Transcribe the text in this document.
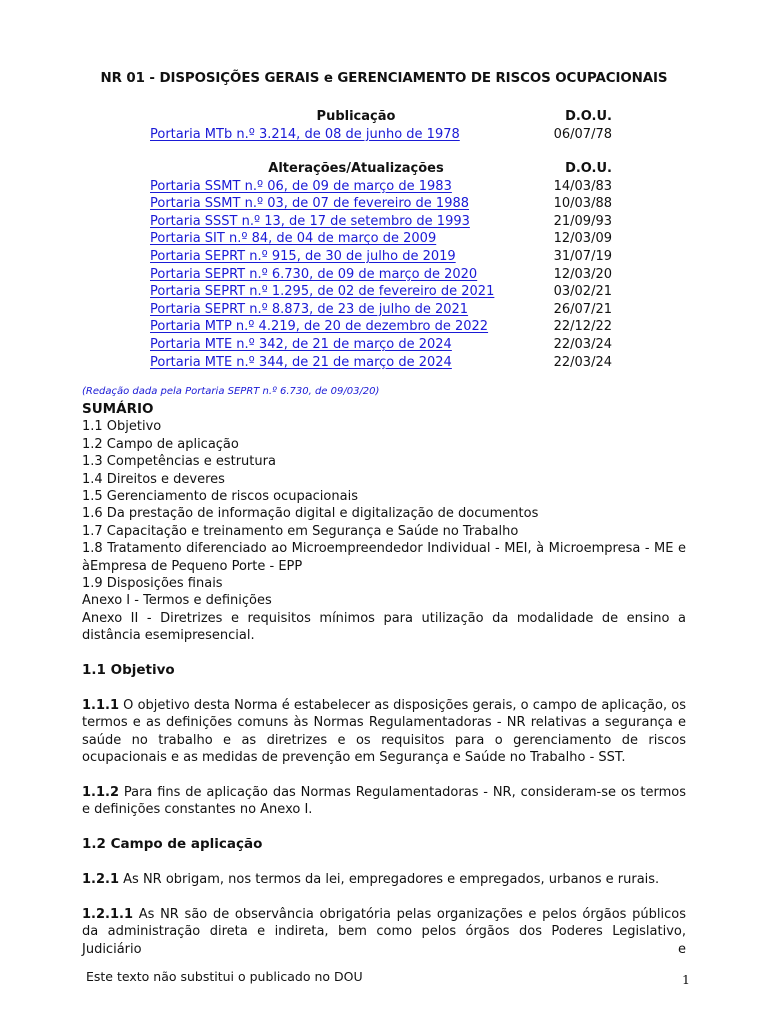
NR 01 - DISPOSIÇÕES GERAIS e GERENCIAMENTO DE RISCOS OCUPACIONAIS
Publicação	D.O.U.
Portaria MTb n.º 3.214, de 08 de junho de 1978	06/07/78
Alterações/Atualizações	D.O.U.
Portaria SSMT n.º 06, de 09 de março de 1983	14/03/83
Portaria SSMT n.º 03, de 07 de fevereiro de 1988	10/03/88
Portaria SSST n.º 13, de 17 de setembro de 1993	21/09/93
Portaria SIT n.º 84, de 04 de março de 2009	12/03/09
Portaria SEPRT n.º 915, de 30 de julho de 2019	31/07/19
Portaria SEPRT n.º 6.730, de 09 de março de 2020	12/03/20
Portaria SEPRT n.º 1.295, de 02 de fevereiro de 2021	03/02/21
Portaria SEPRT n.º 8.873, de 23 de julho de 2021	26/07/21
Portaria MTP n.º 4.219, de 20 de dezembro de 2022	22/12/22
Portaria MTE n.º 342, de 21 de março de 2024	22/03/24
Portaria MTE n.º 344, de 21 de março de 2024	22/03/24
(Redação dada pela Portaria SEPRT n.º 6.730, de 09/03/20)
SUMÁRIO
1.1 Objetivo
1.2 Campo de aplicação
1.3 Competências e estrutura
1.4 Direitos e deveres
1.5 Gerenciamento de riscos ocupacionais
1.6 Da prestação de informação digital e digitalização de documentos
1.7 Capacitação e treinamento em Segurança e Saúde no Trabalho
1.8 Tratamento diferenciado ao Microempreendedor Individual - MEI, à Microempresa - ME e àEmpresa de Pequeno Porte - EPP
1.9 Disposições finais
Anexo I - Termos e definições
Anexo II - Diretrizes e requisitos mínimos para utilização da modalidade de ensino a distância esemipresencial.
1.1 Objetivo
1.1.1 O objetivo desta Norma é estabelecer as disposições gerais, o campo de aplicação, os termos e as definições comuns às Normas Regulamentadoras - NR relativas a segurança e saúde no trabalho e as diretrizes e os requisitos para o gerenciamento de riscos ocupacionais e as medidas de prevenção em Segurança e Saúde no Trabalho - SST.
1.1.2 Para fins de aplicação das Normas Regulamentadoras - NR, consideram-se os termos e definições constantes no Anexo I.
1.2 Campo de aplicação
1.2.1 As NR obrigam, nos termos da lei, empregadores e empregados, urbanos e rurais.
1.2.1.1 As NR são de observância obrigatória pelas organizações e pelos órgãos públicos da administração direta e indireta, bem como pelos órgãos dos Poderes Legislativo, Judiciário e
Este texto não substitui o publicado no DOU	1
